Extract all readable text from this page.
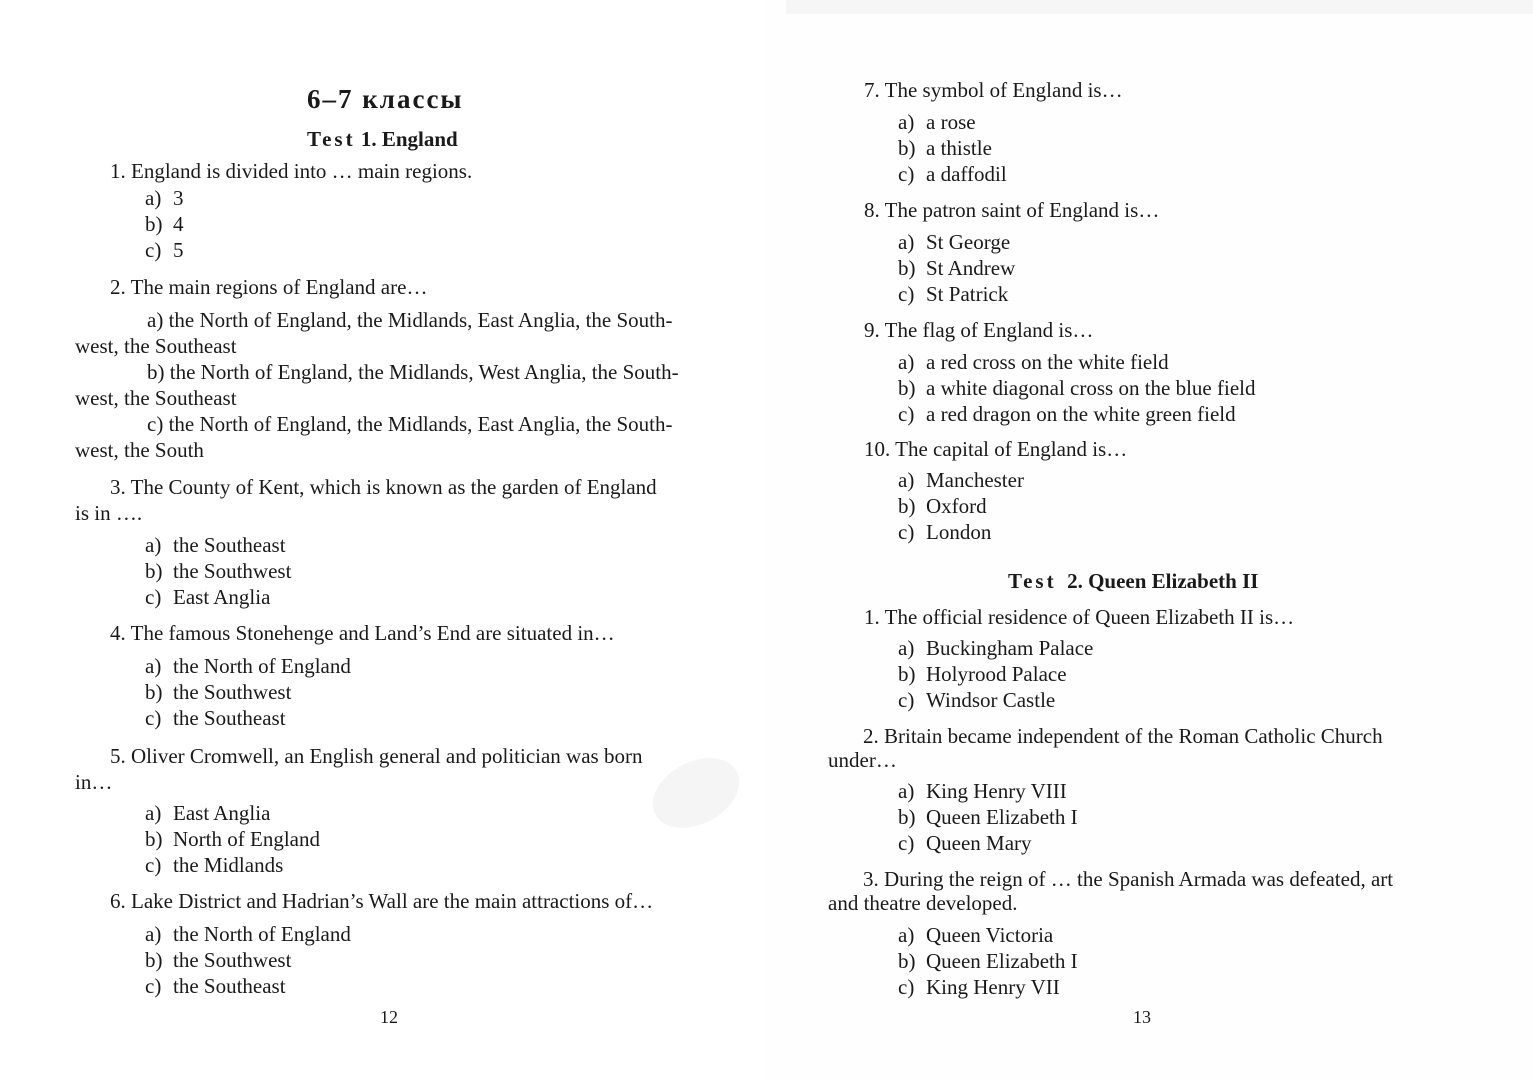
6–7 классы
Test 1. England
1. England is divided into … main regions.
a) 3
b) 4
c) 5
2. The main regions of England are…
a) the North of England, the Midlands, East Anglia, the South-
west, the Southeast
b) the North of England, the Midlands, West Anglia, the South-
west, the Southeast
c) the North of England, the Midlands, East Anglia, the South-
west, the South
3. The County of Kent, which is known as the garden of England
is in ….
a) the Southeast
b) the Southwest
c) East Anglia
4. The famous Stonehenge and Land’s End are situated in…
a) the North of England
b) the Southwest
c) the Southeast
5. Oliver Cromwell, an English general and politician was born
in…
a) East Anglia
b) North of England
c) the Midlands
6. Lake District and Hadrian’s Wall are the main attractions of…
a) the North of England
b) the Southwest
c) the Southeast
12
7. The symbol of England is…
a) a rose
b) a thistle
c) a daffodil
8. The patron saint of England is…
a) St George
b) St Andrew
c) St Patrick
9. The flag of England is…
a) a red cross on the white field
b) a white diagonal cross on the blue field
c) a red dragon on the white green field
10. The capital of England is…
a) Manchester
b) Oxford
c) London
Test 2. Queen Elizabeth II
1. The official residence of Queen Elizabeth II is…
a) Buckingham Palace
b) Holyrood Palace
c) Windsor Castle
2. Britain became independent of the Roman Catholic Church
under…
a) King Henry VIII
b) Queen Elizabeth I
c) Queen Mary
3. During the reign of … the Spanish Armada was defeated, art
and theatre developed.
a) Queen Victoria
b) Queen Elizabeth I
c) King Henry VII
13
